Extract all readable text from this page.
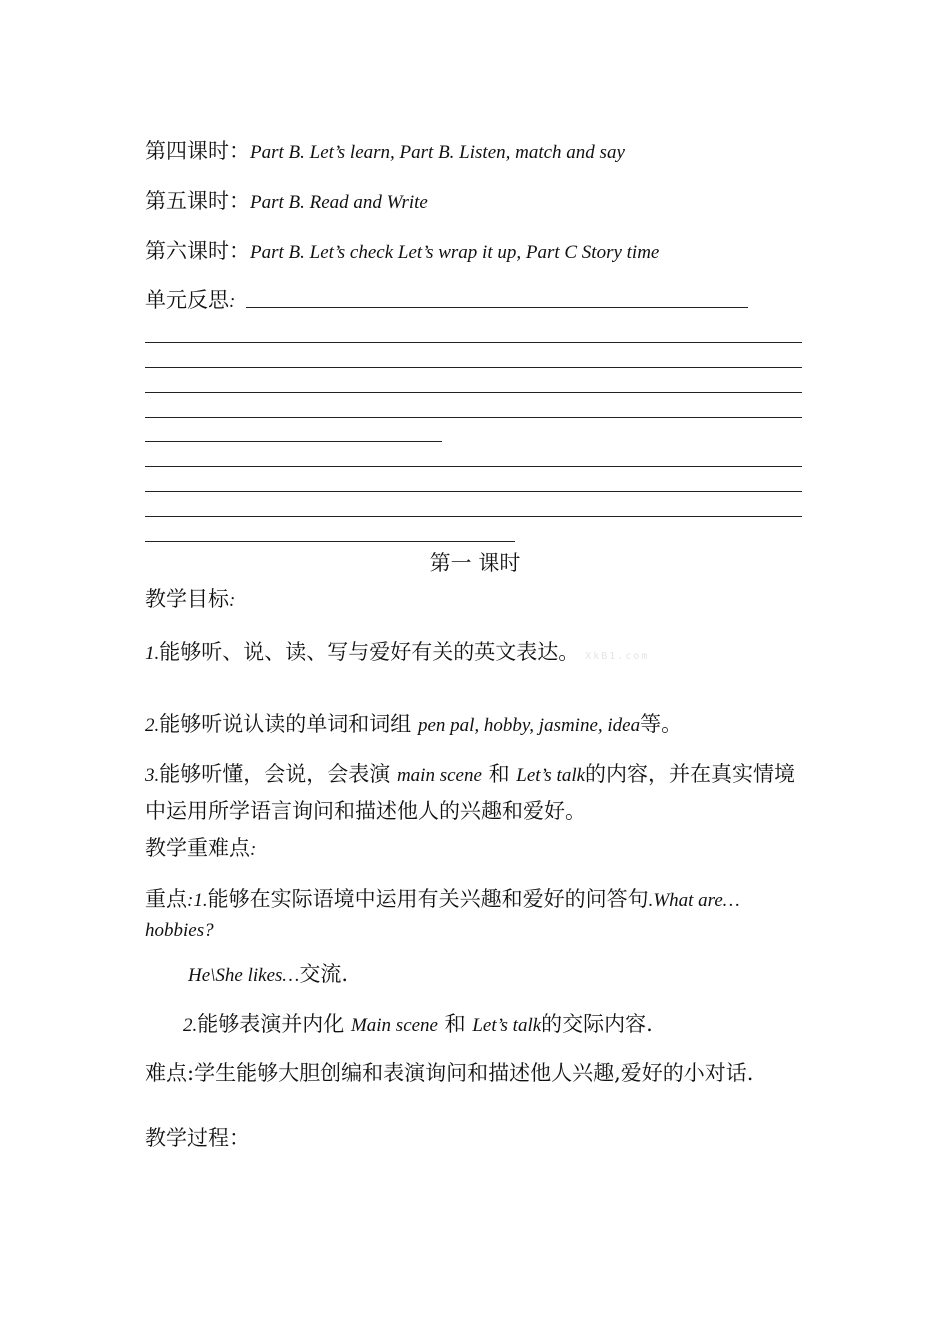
第四课时：Part B. Let’s learn, Part B. Listen, match and say
第五课时：Part B. Read and Write
第六课时：Part B. Let’s check Let’s wrap it up, Part C Story time
单元反思:
第一 课时
教学目标:
1.能够听、说、读、写与爱好有关的英文表达。 XkB1.com
2.能够听说认读的单词和词组 pen pal, hobby, jasmine, idea等。
3.能够听懂，会说，会表演 main scene 和 Let’s talk的内容，并在真实情境
中运用所学语言询问和描述他人的兴趣和爱好。
教学重难点:
重点:1.能够在实际语境中运用有关兴趣和爱好的问答句.What are…
hobbies?
He\She likes…交流.
2.能够表演并内化 Main scene 和 Let’s talk的交际内容.
难点:学生能够大胆创编和表演询问和描述他人兴趣,爱好的小对话.
教学过程：
